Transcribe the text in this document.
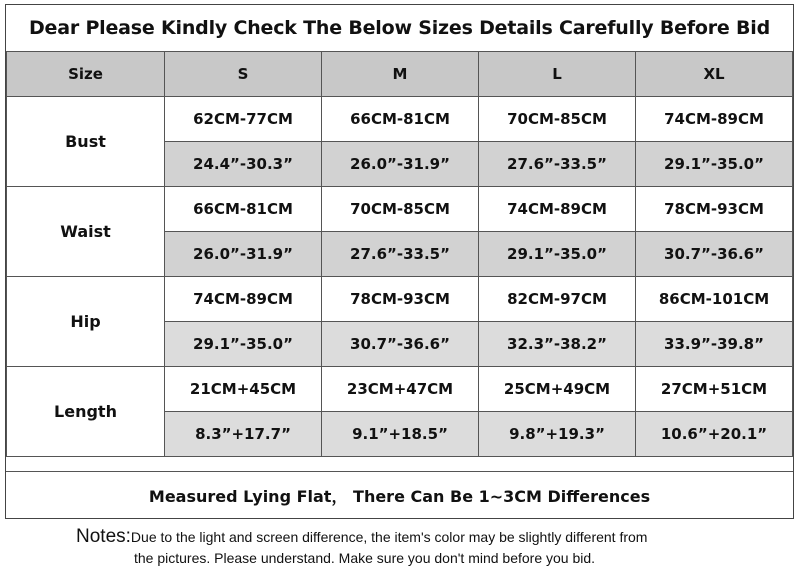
Dear Please Kindly Check The Below Sizes Details Carefully Before Bid
Size	S	M	L	XL
Bust	62CM-77CM	66CM-81CM	70CM-85CM	74CM-89CM
	24.4”-30.3”	26.0”-31.9”	27.6”-33.5”	29.1”-35.0”
Waist	66CM-81CM	70CM-85CM	74CM-89CM	78CM-93CM
	26.0”-31.9”	27.6”-33.5”	29.1”-35.0”	30.7”-36.6”
Hip	74CM-89CM	78CM-93CM	82CM-97CM	86CM-101CM
	29.1”-35.0”	30.7”-36.6”	32.3”-38.2”	33.9”-39.8”
Length	21CM+45CM	23CM+47CM	25CM+49CM	27CM+51CM
	8.3”+17.7”	9.1”+18.5”	9.8”+19.3”	10.6”+20.1”
Measured Lying Flat， There Can Be 1~3CM Differences
Notes:Due to the light and screen difference, the item's color may be slightly different from
the pictures. Please understand. Make sure you don't mind before you bid.
